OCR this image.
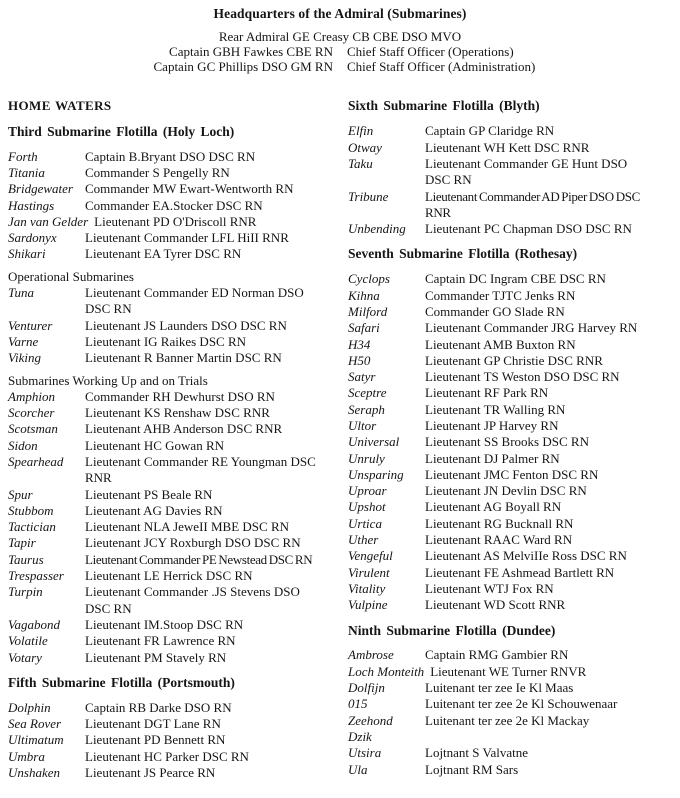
Headquarters of the Admiral (Submarines)
Rear Admiral GE Creasy CB CBE DSO MVO
Captain GBH Fawkes CBE RN Chief Staff Officer (Operations)
Captain GC Phillips DSO GM RN Chief Staff Officer (Administration)
HOME WATERS
Third Submarine Flotilla (Holy Loch)
Forth	Captain B.Bryant DSO DSC RN
Titania	Commander S Pengelly RN
Bridgewater Commander MW Ewart-Wentworth RN
Hastings Commander EA.Stocker DSC RN
Jan van Gelder Lieutenant PD O'Driscoll RNR
Sardonyx Lieutenant Commander LFL HiII RNR
Shikari	Lieutenant EA Tyrer DSC RN
Operational Submarines
Tuna	Lieutenant Commander ED Norman DSO DSC RN
Venturer	Lieutenant JS Launders DSO DSC RN
Varne	Lieutenant IG Raikes DSC RN
Viking	Lieutenant R Banner Martin DSC RN
Submarines Working Up and on Trials
Amphion Commander RH Dewhurst DSO RN
Scorcher Lieutenant KS Renshaw DSC RNR
Scotsman Lieutenant AHB Anderson DSC RNR
Sidon	Lieutenant HC Gowan RN
Spearhead Lieutenant Commander RE Youngman DSC RNR
Spur	Lieutenant PS Beale RN
Stubbom Lieutenant AG Davies RN
Tactician Lieutenant NLA JeweII MBE DSC RN
Tapir	Lieutenant JCY Roxburgh DSO DSC RN
Taurus	Lieutenant Commander PE Newstead DSC RN
Trespasser Lieutenant LE Herrick DSC RN
Turpin	Lieutenant Commander .JS Stevens DSO DSC RN
Vagabond Lieutenant IM.Stoop DSC RN
Volatile	Lieutenant FR Lawrence RN
Votary	Lieutenant PM Stavely RN
Fifth Submarine Flotilla (Portsmouth)
Dolphin	Captain RB Darke DSO RN
Sea Rover Lieutenant DGT Lane RN
Ultimatum Lieutenant PD Bennett RN
Umbra	Lieutenant HC Parker DSC RN
Unshaken Lieutenant JS Pearce RN
Sixth Submarine Flotilla (Blyth)
Elfin	Captain GP Claridge RN
Otway	Lieutenant WH Kett DSC RNR
Taku	Lieutenant Commander GE Hunt DSO DSC RN
Tribune	Lieutenant Commander AD Piper DSO DSC RNR
Unbending Lieutenant PC Chapman DSO DSC RN
Seventh Submarine Flotilla (Rothesay)
Cyclops	Captain DC Ingram CBE DSC RN
Kihna	Commander TJTC Jenks RN
Milford	Commander GO Slade RN
Safari	Lieutenant Commander JRG Harvey RN
H34	Lieutenant AMB Buxton RN
H50	Lieutenant GP Christie DSC RNR
Satyr	Lieutenant TS Weston DSO DSC RN
Sceptre	Lieutenant RF Park RN
Seraph	Lieutenant TR Walling RN
Ultor	Lieutenant JP Harvey RN
Universal Lieutenant SS Brooks DSC RN
Unruly	Lieutenant DJ Palmer RN
Unsparing Lieutenant JMC Fenton DSC RN
Uproar	Lieutenant JN Devlin DSC RN
Upshot	Lieutenant AG Boyall RN
Urtica	Lieutenant RG Bucknall RN
Uther	Lieutenant RAAC Ward RN
Vengeful Lieutenant AS MelviIIe Ross DSC RN
Virulent	Lieutenant FE Ashmead Bartlett RN
Vitality	Lieutenant WTJ Fox RN
Vulpine	Lieutenant WD Scott RNR
Ninth Submarine Flotilla (Dundee)
Ambrose Captain RMG Gambier RN
Loch Monteith Lieutenant WE Turner RNVR
Dolfijn	Luitenant ter zee Ie Kl Maas
015	Luitenant ter zee 2e Kl Schouwenaar
Zeehond Luitenant ter zee 2e Kl Mackay
Dzik
Utsira	Lojtnant S Valvatne
Ula	Lojtnant RM Sars
